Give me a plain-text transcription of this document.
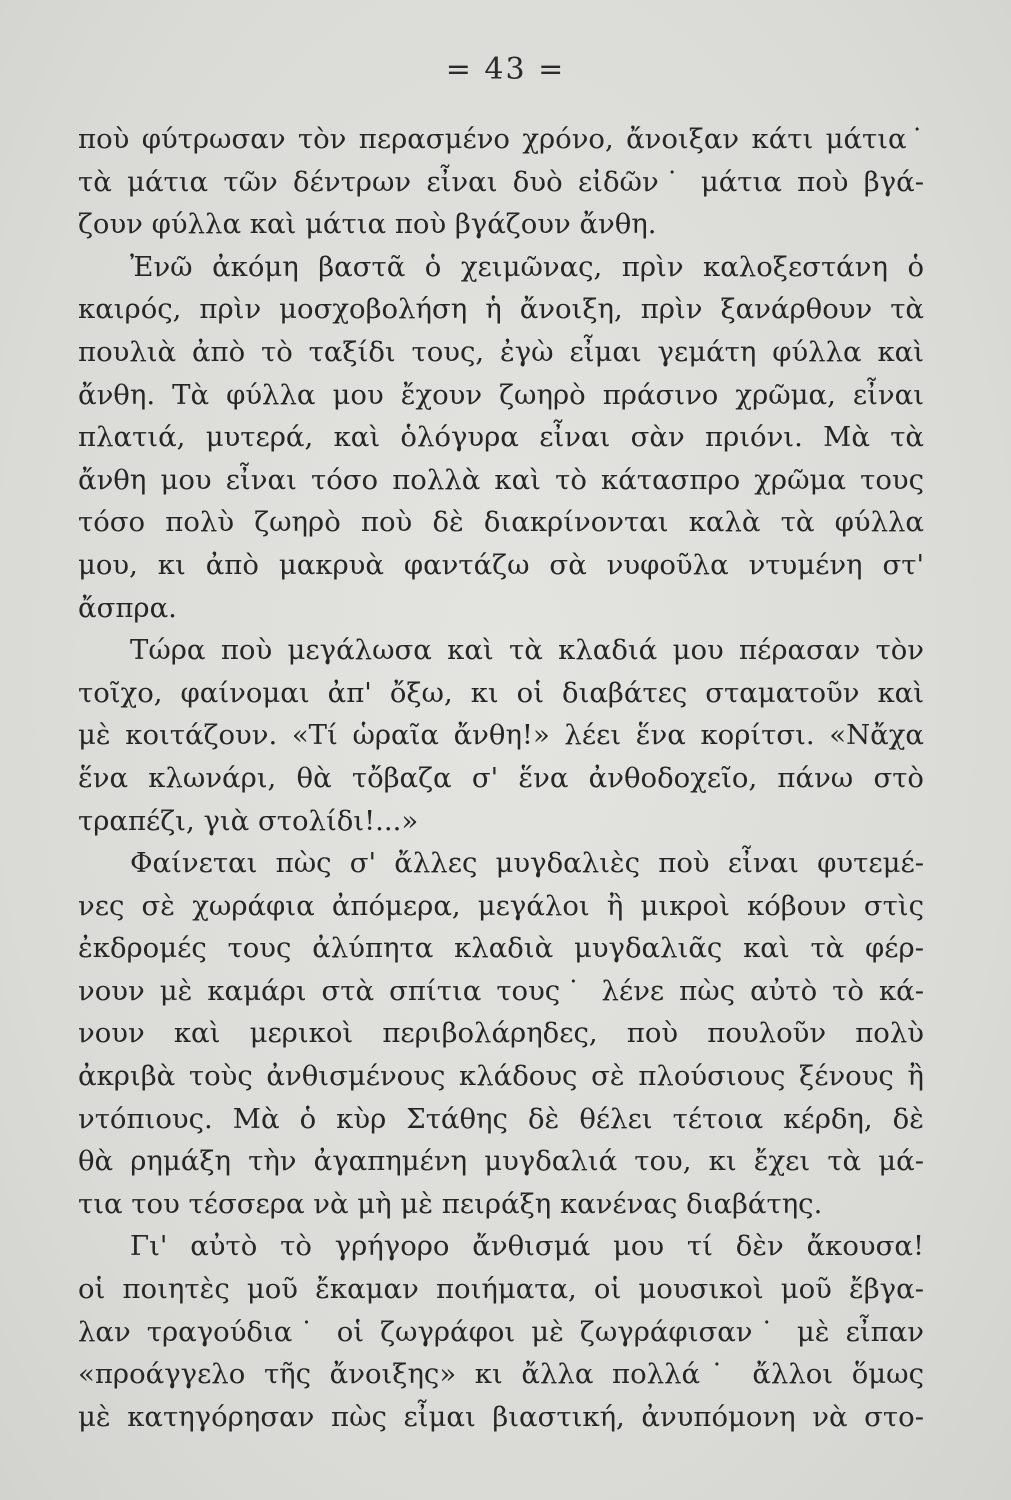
= 43 =
ποὺ φύτρωσαν τὸν περασμένο χρόνο, ἄνοιξαν κάτι μάτια˙
τὰ μάτια τῶν δέντρων εἶναι δυὸ εἰδῶν˙ μάτια ποὺ βγά-
ζουν φύλλα καὶ μάτια ποὺ βγάζουν ἄνθη.
Ἐνῶ ἀκόμη βαστᾶ ὁ χειμῶνας, πρὶν καλοξεστάνη ὁ
καιρός, πρὶν μοσχοβολήση ἡ ἄνοιξη, πρὶν ξανάρθουν τὰ
πουλιὰ ἀπὸ τὸ ταξίδι τους, ἐγὼ εἶμαι γεμάτη φύλλα καὶ
ἄνθη. Τὰ φύλλα μου ἔχουν ζωηρὸ πράσινο χρῶμα, εἶναι
πλατιά, μυτερά, καὶ ὁλόγυρα εἶναι σὰν πριόνι. Μὰ τὰ
ἄνθη μου εἶναι τόσο πολλὰ καὶ τὸ κάτασπρο χρῶμα τους
τόσο πολὺ ζωηρὸ ποὺ δὲ διακρίνονται καλὰ τὰ φύλλα
μου, κι ἀπὸ μακρυὰ φαντάζω σὰ νυφοῦλα ντυμένη στ'
ἄσπρα.
Τώρα ποὺ μεγάλωσα καὶ τὰ κλαδιά μου πέρασαν τὸν
τοῖχο, φαίνομαι ἀπ' ὄξω, κι οἱ διαβάτες σταματοῦν καὶ
μὲ κοιτάζουν. «Τί ὡραῖα ἄνθη!» λέει ἕνα κορίτσι. «Νἄχα
ἕνα κλωνάρι, θὰ τὄβαζα σ' ἕνα ἀνθοδοχεῖο, πάνω στὸ
τραπέζι, γιὰ στολίδι!...»
Φαίνεται πὼς σ' ἄλλες μυγδαλιὲς ποὺ εἶναι φυτεμέ-
νες σὲ χωράφια ἀπόμερα, μεγάλοι ἢ μικροὶ κόβουν στὶς
ἐκδρομές τους ἀλύπητα κλαδιὰ μυγδαλιᾶς καὶ τὰ φέρ-
νουν μὲ καμάρι στὰ σπίτια τους˙ λένε πὼς αὐτὸ τὸ κά-
νουν καὶ μερικοὶ περιβολάρηδες, ποὺ πουλοῦν πολὺ
ἀκριβὰ τοὺς ἀνθισμένους κλάδους σὲ πλούσιους ξένους ἢ
ντόπιους. Μὰ ὁ κὺρ Στάθης δὲ θέλει τέτοια κέρδη, δὲ
θὰ ρημάξη τὴν ἀγαπημένη μυγδαλιά του, κι ἔχει τὰ μά-
τια του τέσσερα νὰ μὴ μὲ πειράξη κανένας διαβάτης.
Γι' αὐτὸ τὸ γρήγορο ἄνθισμά μου τί δὲν ἄκουσα!
οἱ ποιητὲς μοῦ ἔκαμαν ποιήματα, οἱ μουσικοὶ μοῦ ἔβγα-
λαν τραγούδια˙ οἱ ζωγράφοι μὲ ζωγράφισαν˙ μὲ εἶπαν
«προάγγελο τῆς ἄνοιξης» κι ἄλλα πολλά˙ ἄλλοι ὅμως
μὲ κατηγόρησαν πὼς εἶμαι βιαστική, ἀνυπόμονη νὰ στο-
